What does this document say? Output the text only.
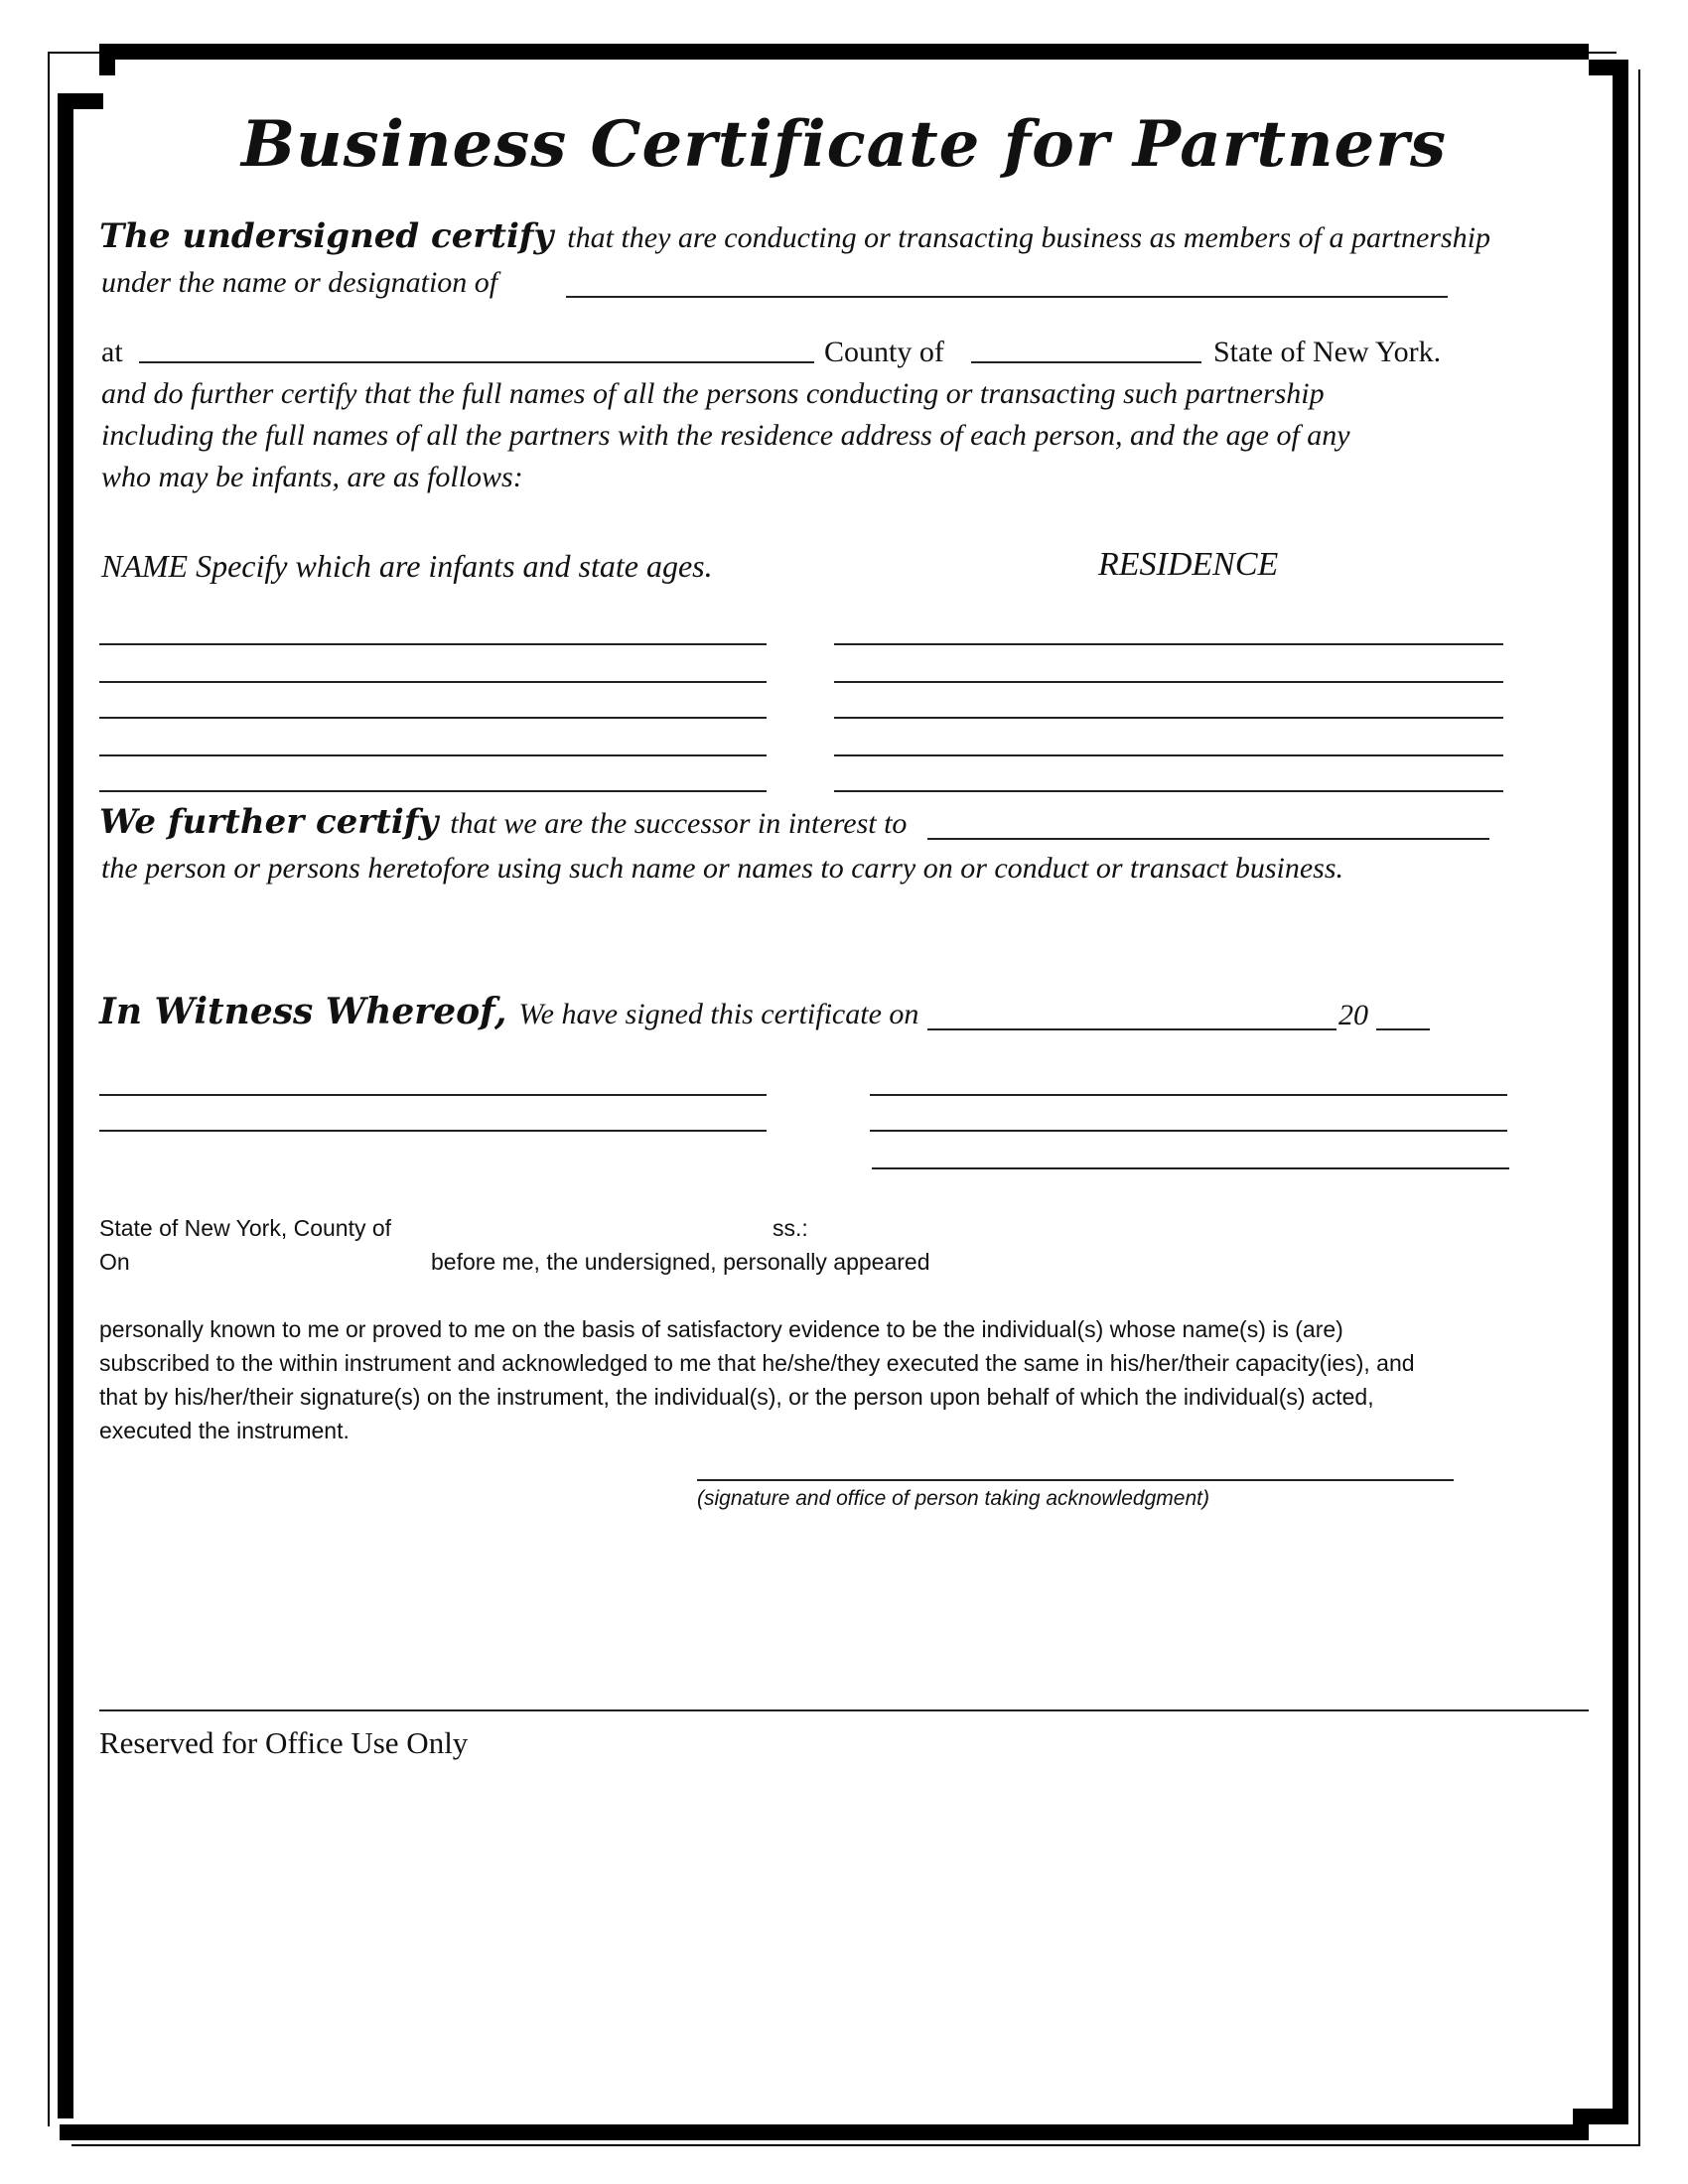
Business Certificate for Partners
The undersigned certify that they are conducting or transacting business as members of a partnership
under the name or designation of
at	County of	State of New York.
and do further certify that the full names of all the persons conducting or transacting such partnership
including the full names of all the partners with the residence address of each person, and the age of any
who may be infants, are as follows:
NAME Specify which are infants and state ages.	RESIDENCE
We further certify that we are the successor in interest to
the person or persons heretofore using such name or names to carry on or conduct or transact business.
In Witness Whereof, We have signed this certificate on	20
State of New York, County of	ss.:
On	before me, the undersigned, personally appeared
personally known to me or proved to me on the basis of satisfactory evidence to be the individual(s) whose name(s) is (are)
subscribed to the within instrument and acknowledged to me that he/she/they executed the same in his/her/their capacity(ies), and
that by his/her/their signature(s) on the instrument, the individual(s), or the person upon behalf of which the individual(s) acted,
executed the instrument.
(signature and office of person taking acknowledgment)
Reserved for Office Use Only
